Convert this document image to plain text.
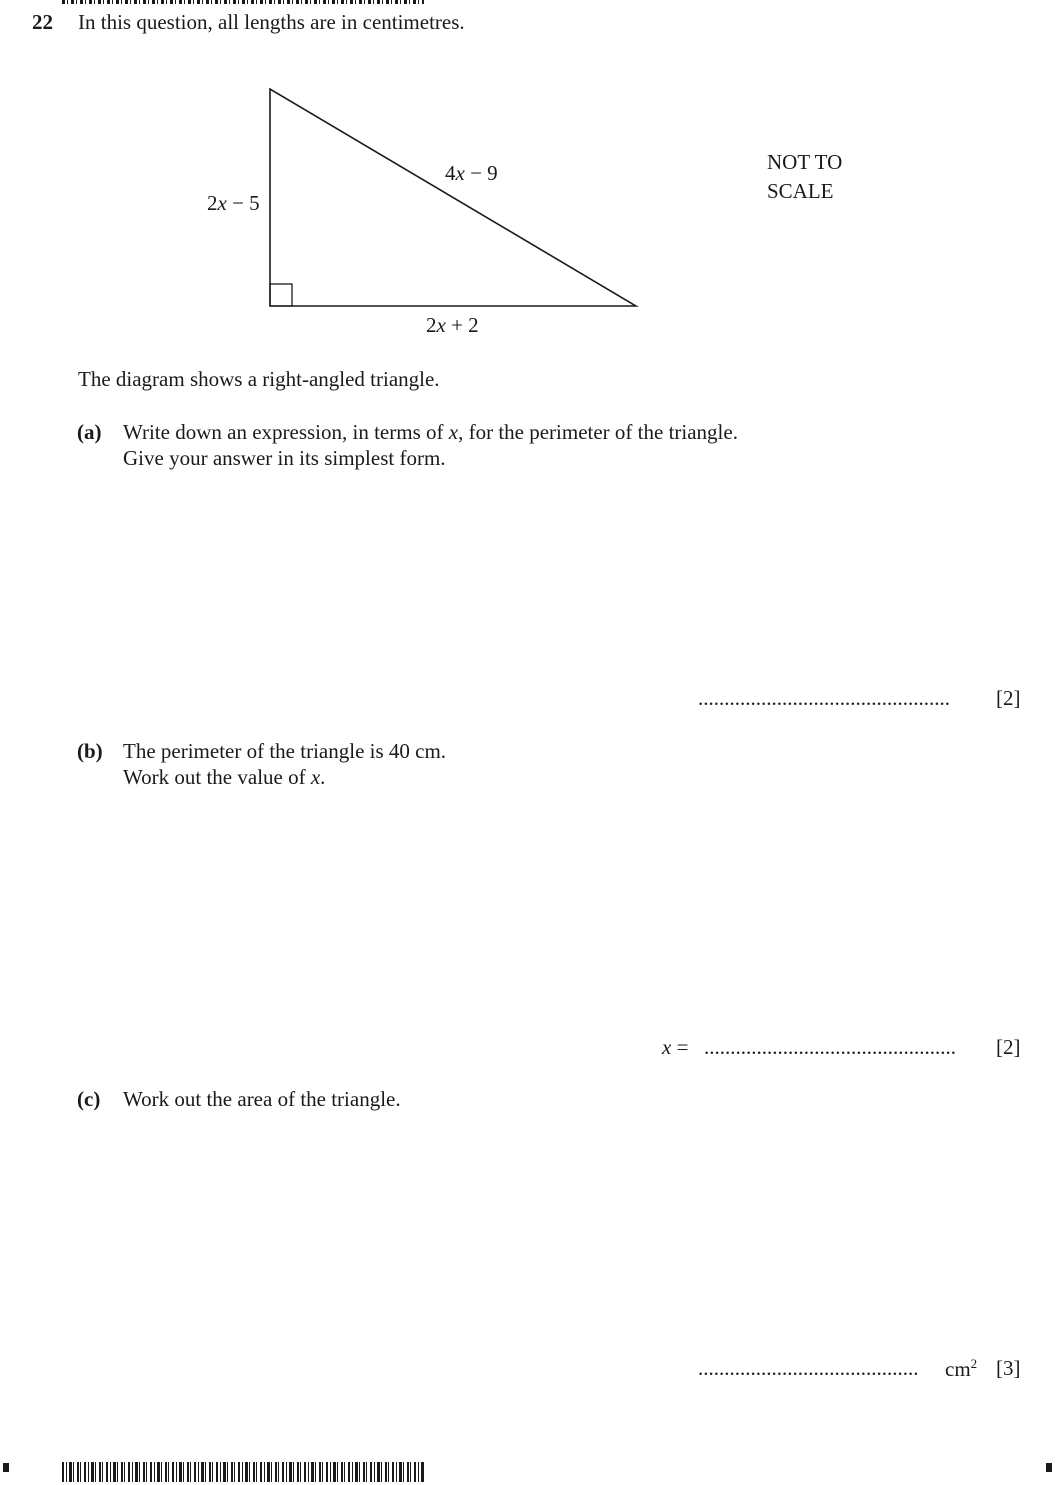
22 In this question, all lengths are in centimetres.
2x − 5
4x − 9
2x + 2
NOT TO
SCALE
The diagram shows a right-angled triangle.
(a) Write down an expression, in terms of x, for the perimeter of the triangle.
Give your answer in its simplest form.
................................................ [2]
(b) The perimeter of the triangle is 40 cm.
Work out the value of x.
x = ................................................ [2]
(c) Work out the area of the triangle.
.......................................... $cm^2$ [3]
